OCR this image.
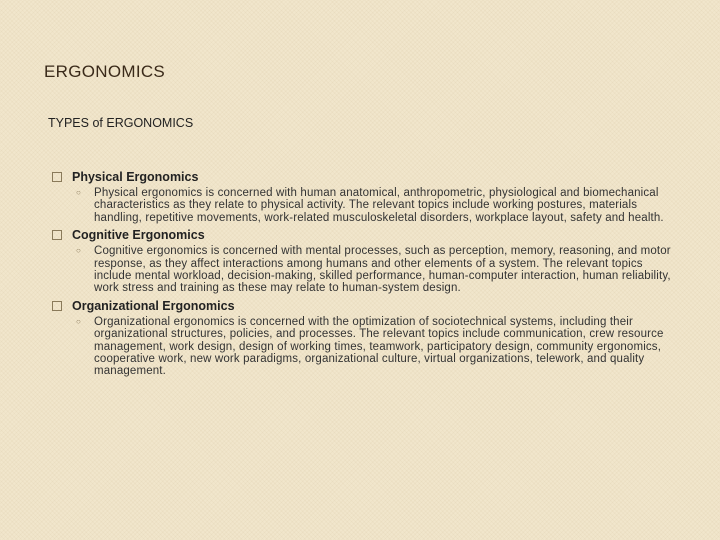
ERGONOMICS

TYPES of ERGONOMICS

Physical Ergonomics

○ Physical ergonomics is concerned with human anatomical, anthropometric, physiological and biomechanical characteristics as they relate to physical activity. The relevant topics include working postures, materials handling, repetitive movements, work-related musculoskeletal disorders, workplace layout, safety and health.

Cognitive Ergonomics

○ Cognitive ergonomics is concerned with mental processes, such as perception, memory, reasoning, and motor response, as they affect interactions among humans and other elements of a system. The relevant topics include mental workload, decision-making, skilled performance, human-computer interaction, human reliability, work stress and training as these may relate to human-system design.

Organizational Ergonomics

○ Organizational ergonomics is concerned with the optimization of sociotechnical systems, including their organizational structures, policies, and processes. The relevant topics include communication, crew resource management, work design, design of working times, teamwork, participatory design, community ergonomics, cooperative work, new work paradigms, organizational culture, virtual organizations, telework, and quality management.
